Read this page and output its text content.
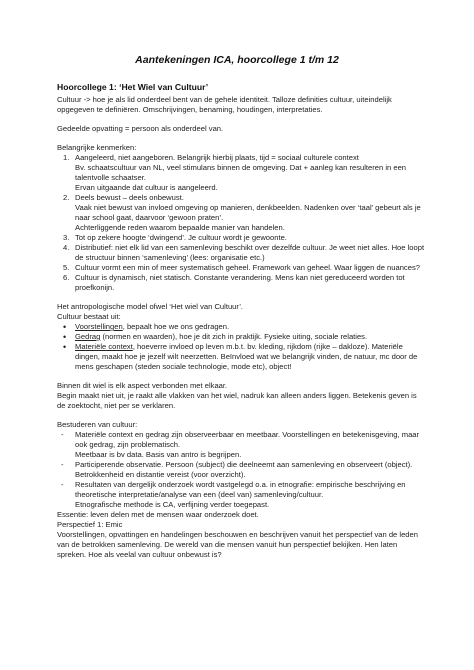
Aantekeningen ICA, hoorcollege 1 t/m 12
Hoorcollege 1: ‘Het Wiel van Cultuur’

Cultuur -> hoe je als lid onderdeel bent van de gehele identiteit. Talloze definities cultuur, uiteindelijk opgegeven te definiëren. Omschrijvingen, benaming, houdingen, interpretaties.

Gedeelde opvatting = persoon als onderdeel van.

Belangrijke kenmerken:

1. Aangeleerd, niet aangeboren. Belangrijk hierbij plaats, tijd = sociaal culturele context
Bv. schaatscultuur van NL, veel stimulans binnen de omgeving. Dat + aanleg kan resulteren in een talentvolle schaatser.
Ervan uitgaande dat cultuur is aangeleerd.
2. Deels bewust – deels onbewust.
Vaak niet bewust van invloed omgeving op manieren, denkbeelden. Nadenken over ‘taal’ gebeurt als je naar school gaat, daarvoor ‘gewoon praten’.
Achterliggende reden waarom bepaalde manier van handelen.
3. Tot op zekere hoogte ‘dwingend’. Je cultuur wordt je gewoonte.
4. Distributief: niet elk lid van een samenleving beschikt over dezelfde cultuur. Je weet niet alles. Hoe loopt de structuur binnen ‘samenleving’ (lees: organisatie etc.)
5. Cultuur vormt een min of meer systematisch geheel. Framework van geheel. Waar liggen de nuances?
6. Cultuur is dynamisch, niet statisch. Constante verandering. Mens kan niet gereduceerd worden tot proefkonijn.

Het antropologische model ofwel ‘Het wiel van Cultuur’.

Cultuur bestaat uit:

• Voorstellingen, bepaalt hoe we ons gedragen.
• Gedrag (normen en waarden), hoe je dit zich in praktijk. Fysieke uiting, sociale relaties.
• Materiële context, hoeverre invloed op leven m.b.t. bv. kleding, rijkdom (rijke – dakloze). Materiële dingen, maakt hoe je jezelf wilt neerzetten. Beïnvloed wat we belangrijk vinden, de natuur, mc door de mens geschapen (steden sociale technologie, mode etc), object!

Binnen dit wiel is elk aspect verbonden met elkaar.

Begin maakt niet uit, je raakt alle vlakken van het wiel, nadruk kan alleen anders liggen. Betekenis geven is de zoektocht, niet per se verklaren.

Bestuderen van cultuur:

- Materiële context en gedrag zijn observeerbaar en meetbaar. Voorstellingen en betekenisgeving, maar ook gedrag, zijn problematisch.
Meetbaar is bv data. Basis van antro is begrijpen.
- Participerende observatie. Persoon (subject) die deelneemt aan samenleving en observeert (object). Betrokkenheid en distantie vereist (voor overzicht).
- Resultaten van dergelijk onderzoek wordt vastgelegd o.a. in etnografie: empirische beschrijving en theoretische interpretatie/analyse van een (deel van) samenleving/cultuur.
Etnografische methode is CA, verfijning verder toegepast.

Essentie: leven delen met de mensen waar onderzoek doet.

Perspectief 1: Emic

Voorstellingen, opvattingen en handelingen beschouwen en beschrijven vanuit het perspectief van de leden van de betrokken samenleving. De wereld van die mensen vanuit hun perspectief bekijken. Hen laten spreken. Hoe als veelal van cultuur onbewust is?
